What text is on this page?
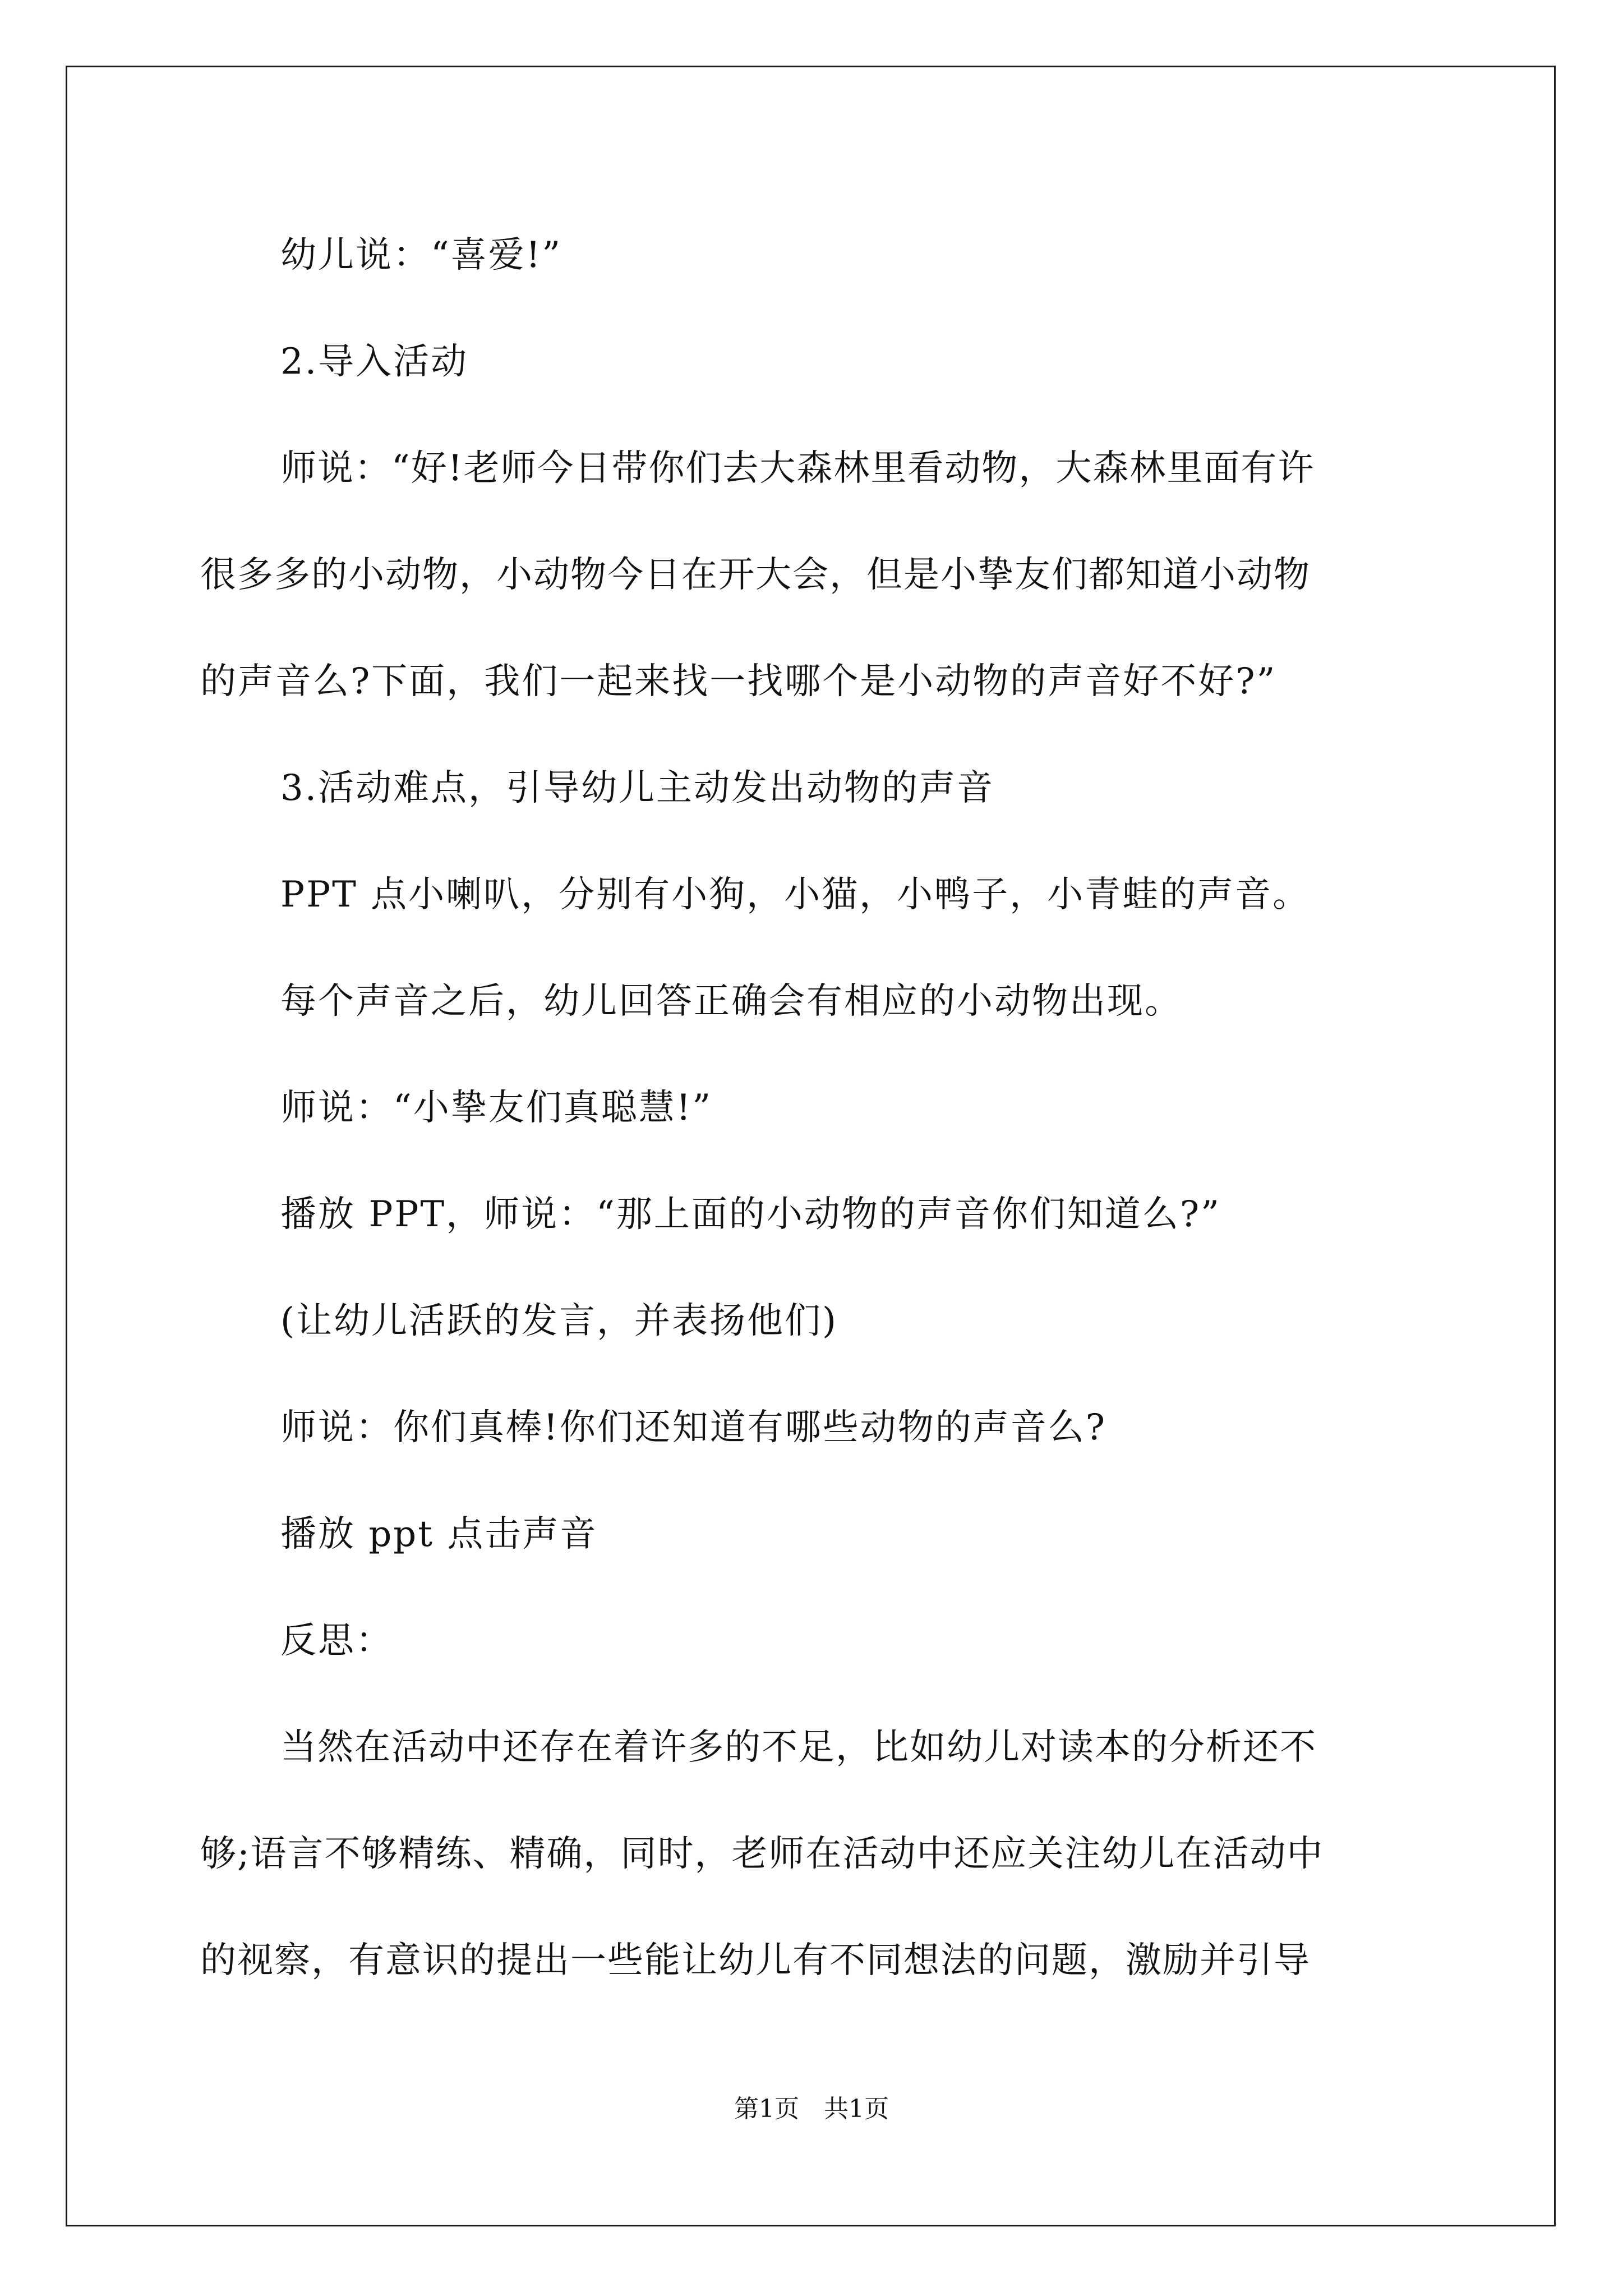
幼儿说：“喜爱!”
2.导入活动
师说：“好!老师今日带你们去大森林里看动物，大森林里面有许
很多多的小动物，小动物今日在开大会，但是小挚友们都知道小动物
的声音么?下面，我们一起来找一找哪个是小动物的声音好不好?”
3.活动难点，引导幼儿主动发出动物的声音
PPT 点小喇叭，分别有小狗，小猫，小鸭子，小青蛙的声音。
每个声音之后，幼儿回答正确会有相应的小动物出现。
师说：“小挚友们真聪慧!”
播放 PPT，师说：“那上面的小动物的声音你们知道么?”
(让幼儿活跃的发言，并表扬他们)
师说：你们真棒!你们还知道有哪些动物的声音么?
播放 ppt 点击声音
反思：
当然在活动中还存在着许多的不足，比如幼儿对读本的分析还不
够;语言不够精练、精确，同时，老师在活动中还应关注幼儿在活动中
的视察，有意识的提出一些能让幼儿有不同想法的问题，激励并引导
第1页　共1页
